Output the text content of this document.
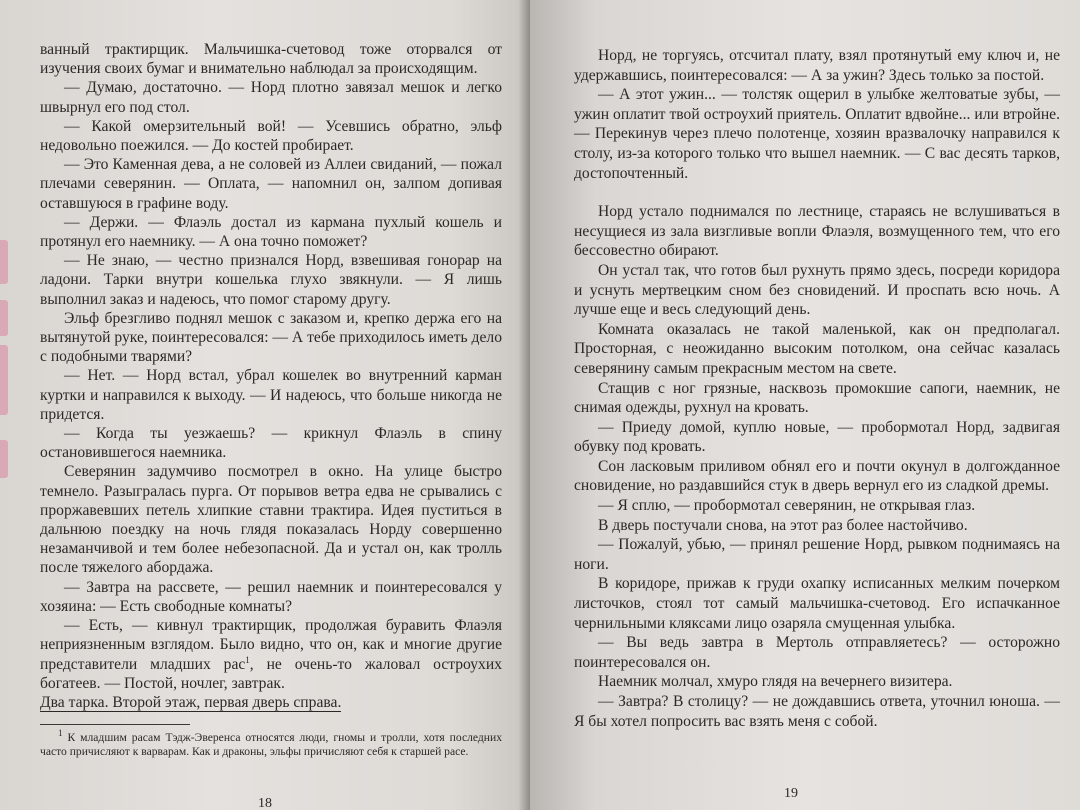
ванный трактирщик. Мальчишка-счетовод тоже оторвался от изучения своих бумаг и внимательно наблюдал за происходящим.

— Думаю, достаточно. — Норд плотно завязал мешок и легко швырнул его под стол.

— Какой омерзительный вой! — Усевшись обратно, эльф недовольно поежился. — До костей пробирает.

— Это Каменная дева, а не соловей из Аллеи свиданий, — пожал плечами северянин. — Оплата, — напомнил он, залпом допивая оставшуюся в графине воду.

— Держи. — Флаэль достал из кармана пухлый кошель и протянул его наемнику. — А она точно поможет?

— Не знаю, — честно признался Норд, взвешивая гонорар на ладони. Тарки внутри кошелька глухо звякнули. — Я лишь выполнил заказ и надеюсь, что помог старому другу.

Эльф брезгливо поднял мешок с заказом и, крепко держа его на вытянутой руке, поинтересовался: — А тебе приходилось иметь дело с подобными тварями?

— Нет. — Норд встал, убрал кошелек во внутренний карман куртки и направился к выходу. — И надеюсь, что больше никогда не придется.

— Когда ты уезжаешь? — крикнул Флаэль в спину остановившегося наемника.

Северянин задумчиво посмотрел в окно. На улице быстро темнело. Разыгралась пурга. От порывов ветра едва не срывались с проржавевших петель хлипкие ставни трактира. Идея пуститься в дальнюю поездку на ночь глядя показалась Норду совершенно незаманчивой и тем более небезопасной. Да и устал он, как тролль после тяжелого абордажа.

— Завтра на рассвете, — решил наемник и поинтересовался у хозяина: — Есть свободные комнаты?

— Есть, — кивнул трактирщик, продолжая буравить Флаэля неприязненным взглядом. Было видно, что он, как и многие другие представители младших рас$^1$, не очень-то жаловал остроухих богатеев. — Постой, ночлег, завтрак.
Два тарка. Второй этаж, первая дверь справа.

$^1$ К младшим расам Тэдж-Эверенса относятся люди, гномы и тролли, хотя последних часто причисляют к варварам. Как и драконы, эльфы причисляют себя к старшей расе.

18

Норд, не торгуясь, отсчитал плату, взял протянутый ему ключ и, не удержавшись, поинтересовался: — А за ужин? Здесь только за постой.

— А этот ужин... — толстяк ощерил в улыбке желтоватые зубы, — ужин оплатит твой остроухий приятель. Оплатит вдвойне... или втройне. — Перекинув через плечо полотенце, хозяин вразвалочку направился к столу, из-за которого только что вышел наемник. — С вас десять тарков, достопочтенный.

Норд устало поднимался по лестнице, стараясь не вслушиваться в несущиеся из зала визгливые вопли Флаэля, возмущенного тем, что его бессовестно обирают.

Он устал так, что готов был рухнуть прямо здесь, посреди коридора и уснуть мертвецким сном без сновидений. И проспать всю ночь. А лучше еще и весь следующий день.

Комната оказалась не такой маленькой, как он предполагал. Просторная, с неожиданно высоким потолком, она сейчас казалась северянину самым прекрасным местом на свете.

Стащив с ног грязные, насквозь промокшие сапоги, наемник, не снимая одежды, рухнул на кровать.

— Приеду домой, куплю новые, — пробормотал Норд, задвигая обувку под кровать.

Сон ласковым приливом обнял его и почти окунул в долгожданное сновидение, но раздавшийся стук в дверь вернул его из сладкой дремы.

— Я сплю, — пробормотал северянин, не открывая глаз.

В дверь постучали снова, на этот раз более настойчиво.

— Пожалуй, убью, — принял решение Норд, рывком поднимаясь на ноги.

В коридоре, прижав к груди охапку исписанных мелким почерком листочков, стоял тот самый мальчишка-счетовод. Его испачканное чернильными кляксами лицо озаряла смущенная улыбка.

— Вы ведь завтра в Мертоль отправляетесь? — осторожно поинтересовался он.

Наемник молчал, хмуро глядя на вечернего визитера.

— Завтра? В столицу? — не дождавшись ответа, уточнил юноша. — Я бы хотел попросить вас взять меня с собой.

19
